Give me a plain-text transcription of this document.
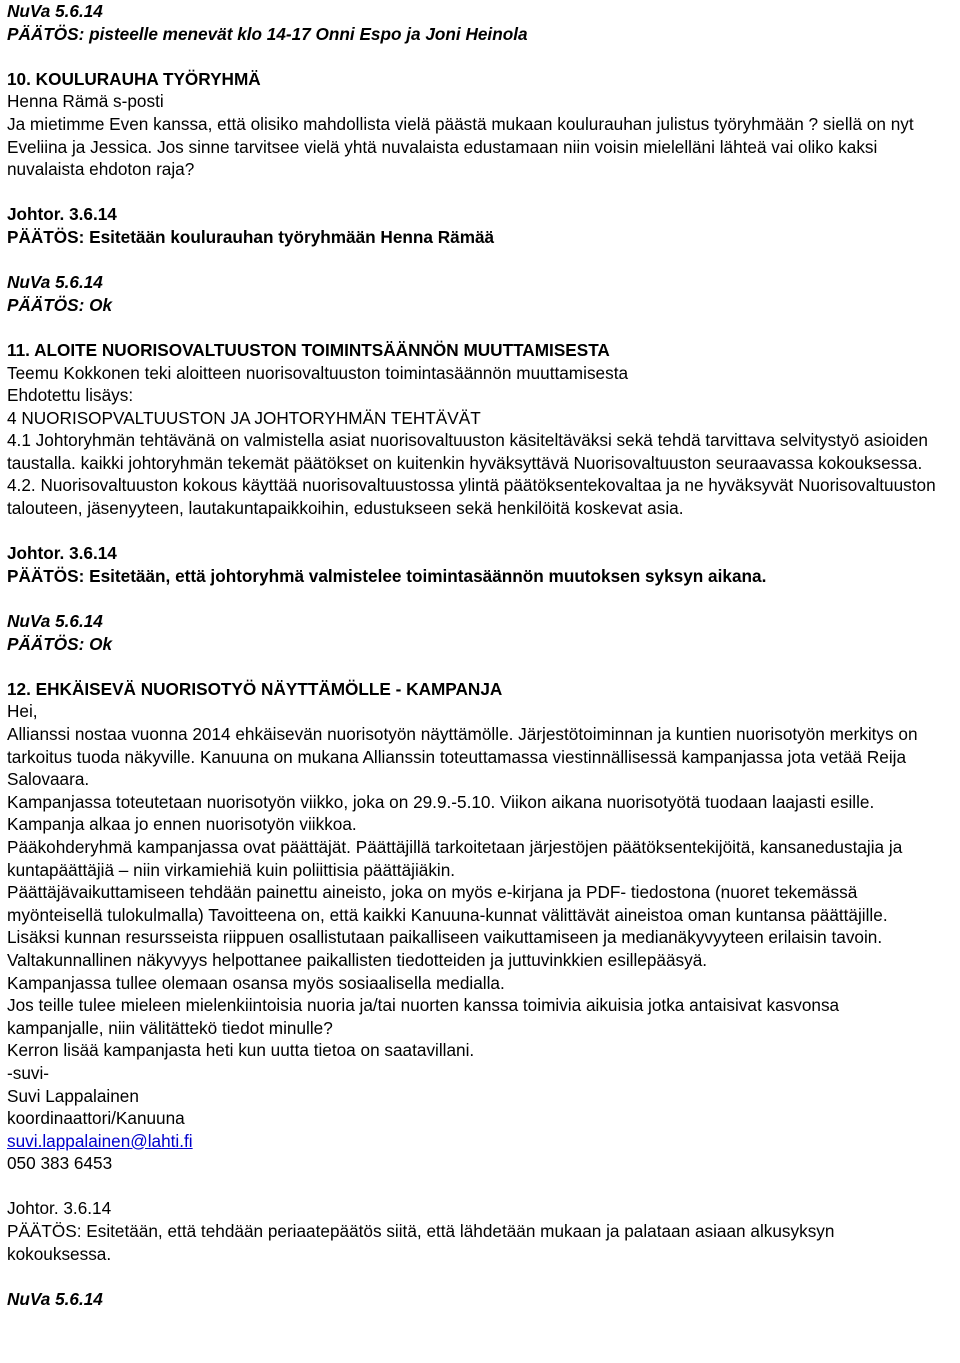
NuVa 5.6.14
PÄÄTÖS: pisteelle menevät klo 14-17 Onni Espo ja Joni Heinola
10. KOULURAUHA TYÖRYHMÄ
Henna Rämä s-posti
Ja mietimme Even kanssa, että olisiko mahdollista vielä päästä mukaan koulurauhan julistus työryhmään ? siellä on nyt Eveliina ja Jessica. Jos sinne tarvitsee vielä yhtä nuvalaista edustamaan niin voisin mielelläni lähteä vai oliko kaksi nuvalaista ehdoton raja?
Johtor. 3.6.14
PÄÄTÖS: Esitetään koulurauhan työryhmään Henna Rämää
NuVa 5.6.14
PÄÄTÖS: Ok
11. ALOITE NUORISOVALTUUSTON TOIMINTSÄÄNNÖN MUUTTAMISESTA
Teemu Kokkonen teki aloitteen nuorisovaltuuston toimintasäännön muuttamisesta
Ehdotettu lisäys:
4 NUORISOPVALTUUSTON JA JOHTORYHMÄN TEHTÄVÄT
4.1 Johtoryhmän tehtävänä on valmistella asiat nuorisovaltuuston käsiteltäväksi sekä tehdä tarvittava selvitystyö asioiden taustalla. kaikki johtoryhmän tekemät päätökset on kuitenkin hyväksyttävä Nuorisovaltuuston seuraavassa kokouksessa.
4.2. Nuorisovaltuuston kokous käyttää nuorisovaltuustossa ylintä päätöksentekovaltaa ja ne hyväksyvät Nuorisovaltuuston talouteen, jäsenyyteen, lautakuntapaikkoihin, edustukseen sekä henkilöitä koskevat asia.
Johtor. 3.6.14
PÄÄTÖS: Esitetään, että johtoryhmä valmistelee toimintasäännön muutoksen syksyn aikana.
NuVa 5.6.14
PÄÄTÖS: Ok
12. EHKÄISEVÄ NUORISOTYÖ NÄYTTÄMÖLLE - KAMPANJA
Hei,
Allianssi nostaa vuonna 2014 ehkäisevän nuorisotyön näyttämölle. Järjestötoiminnan ja kuntien nuorisotyön merkitys on tarkoitus tuoda näkyville. Kanuuna on mukana Allianssin toteuttamassa viestinnällisessä kampanjassa jota vetää Reija Salovaara.
Kampanjassa toteutetaan nuorisotyön viikko, joka on 29.9.-5.10. Viikon aikana nuorisotyötä tuodaan laajasti esille. Kampanja alkaa jo ennen nuorisotyön viikkoa.
Pääkohderyhmä kampanjassa ovat päättäjät. Päättäjillä tarkoitetaan järjestöjen päätöksentekijöitä, kansanedustajia ja kuntapäättäjiä – niin virkamiehiä kuin poliittisia päättäjiäkin.
Päättäjävaikuttamiseen tehdään painettu aineisto, joka on myös e-kirjana ja PDF- tiedostona (nuoret tekemässä myönteisellä tulokulmalla) Tavoitteena on, että kaikki Kanuuna-kunnat välittävät aineistoa oman kuntansa päättäjille. Lisäksi kunnan resursseista riippuen osallistutaan paikalliseen vaikuttamiseen ja medianäkyvyyteen erilaisin tavoin. Valtakunnallinen näkyvyys helpottanee paikallisten tiedotteiden ja juttuvinkkien esillepääsyä.
Kampanjassa tullee olemaan osansa myös sosiaalisella medialla.
Jos teille tulee mieleen mielenkiintoisia nuoria ja/tai nuorten kanssa toimivia aikuisia jotka antaisivat kasvonsa kampanjalle, niin välitättekö tiedot minulle?
Kerron lisää kampanjasta heti kun uutta tietoa on saatavillani.
-suvi-
Suvi Lappalainen
koordinaattori/Kanuuna
suvi.lappalainen@lahti.fi
050 383 6453
Johtor. 3.6.14
PÄÄTÖS: Esitetään, että tehdään periaatepäätös siitä, että lähdetään mukaan ja palataan asiaan alkusyksyn kokouksessa.
NuVa 5.6.14
